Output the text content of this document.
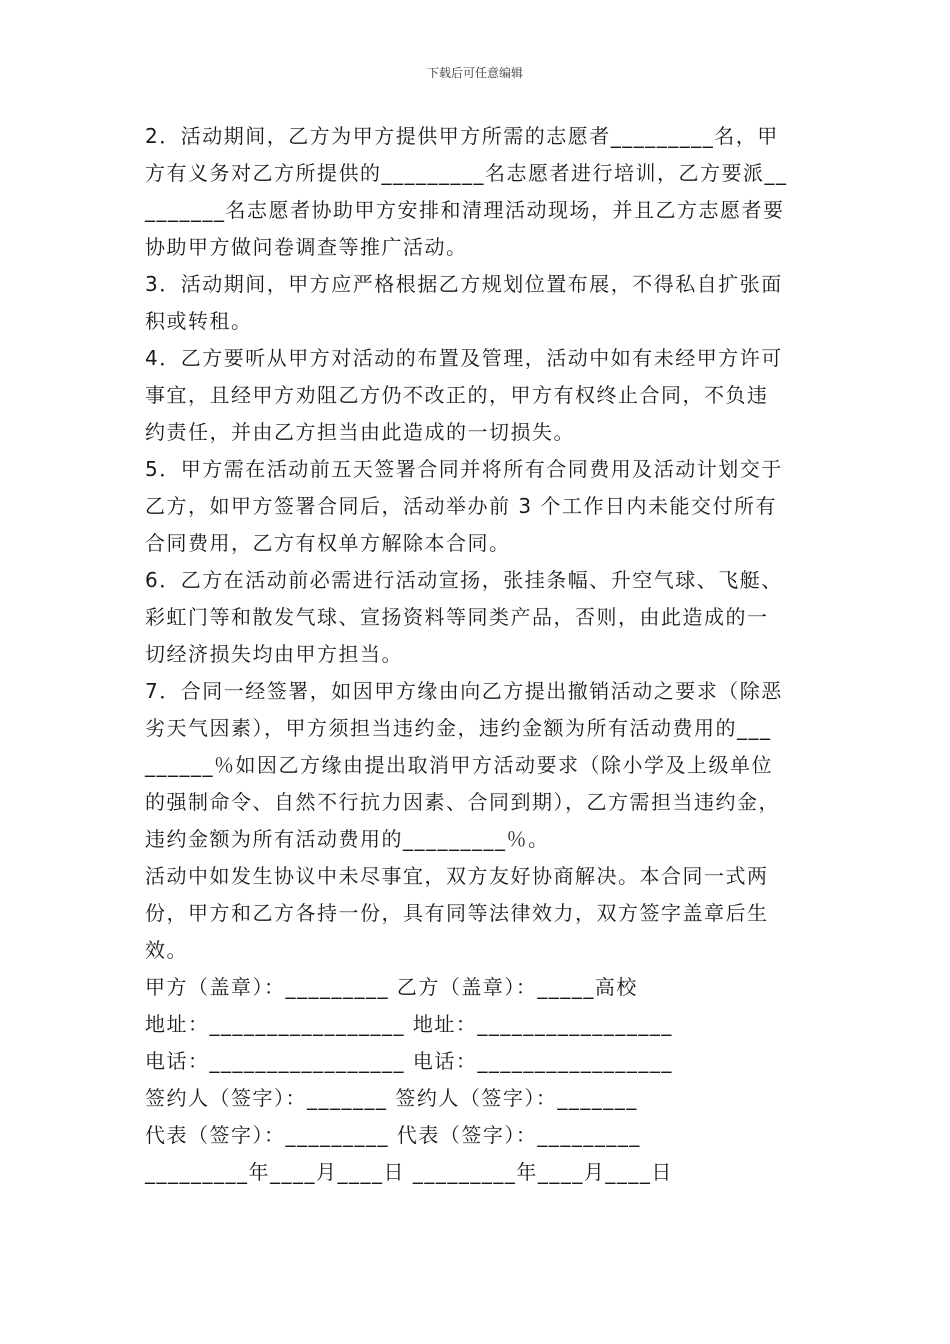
下载后可任意编辑
2．活动期间，乙方为甲方提供甲方所需的志愿者_________名，甲
方有义务对乙方所提供的_________名志愿者进行培训，乙方要派__
_______名志愿者协助甲方安排和清理活动现场，并且乙方志愿者要
协助甲方做问卷调查等推广活动。
3．活动期间，甲方应严格根据乙方规划位置布展，不得私自扩张面
积或转租。
4．乙方要听从甲方对活动的布置及管理，活动中如有未经甲方许可
事宜，且经甲方劝阻乙方仍不改正的，甲方有权终止合同，不负违
约责任，并由乙方担当由此造成的一切损失。
5．甲方需在活动前五天签署合同并将所有合同费用及活动计划交于
乙方，如甲方签署合同后，活动举办前 3 个工作日内未能交付所有
合同费用，乙方有权单方解除本合同。
6．乙方在活动前必需进行活动宣扬，张挂条幅、升空气球、飞艇、
彩虹门等和散发气球、宣扬资料等同类产品，否则，由此造成的一
切经济损失均由甲方担当。
7．合同一经签署，如因甲方缘由向乙方提出撤销活动之要求（除恶
劣天气因素），甲方须担当违约金，违约金额为所有活动费用的___
______％如因乙方缘由提出取消甲方活动要求（除小学及上级单位
的强制命令、自然不行抗力因素、合同到期），乙方需担当违约金，
违约金额为所有活动费用的_________％。
活动中如发生协议中未尽事宜，双方友好协商解决。本合同一式两
份，甲方和乙方各持一份，具有同等法律效力，双方签字盖章后生
效。
甲方（盖章）：_________ 乙方（盖章）：_____高校
地址：_________________ 地址：_________________
电话：_________________ 电话：_________________
签约人（签字）：_______ 签约人（签字）：_______
代表（签字）：_________ 代表（签字）：_________
_________年____月____日 _________年____月____日
